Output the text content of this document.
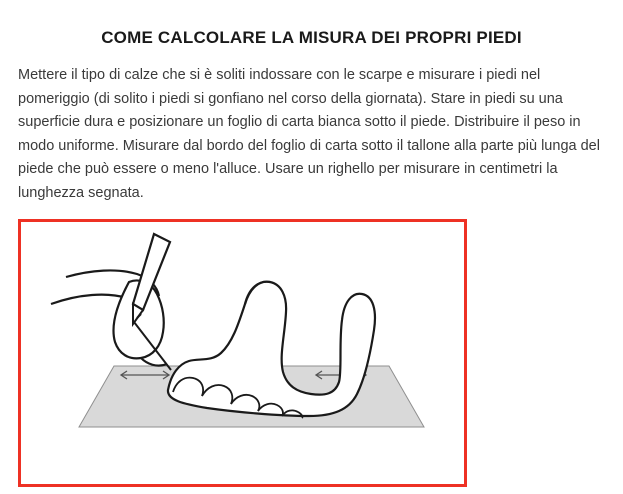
COME CALCOLARE LA MISURA DEI PROPRI PIEDI

Mettere il tipo di calze che si è soliti indossare con le scarpe e misurare i piedi nel pomeriggio (di solito i piedi si gonfiano nel corso della giornata). Stare in piedi su una superficie dura e posizionare un foglio di carta bianca sotto il piede. Distribuire il peso in modo uniforme. Misurare dal bordo del foglio di carta sotto il tallone alla parte più lunga del piede che può essere o meno l'alluce. Usare un righello per misurare in centimetri la lunghezza segnata.
